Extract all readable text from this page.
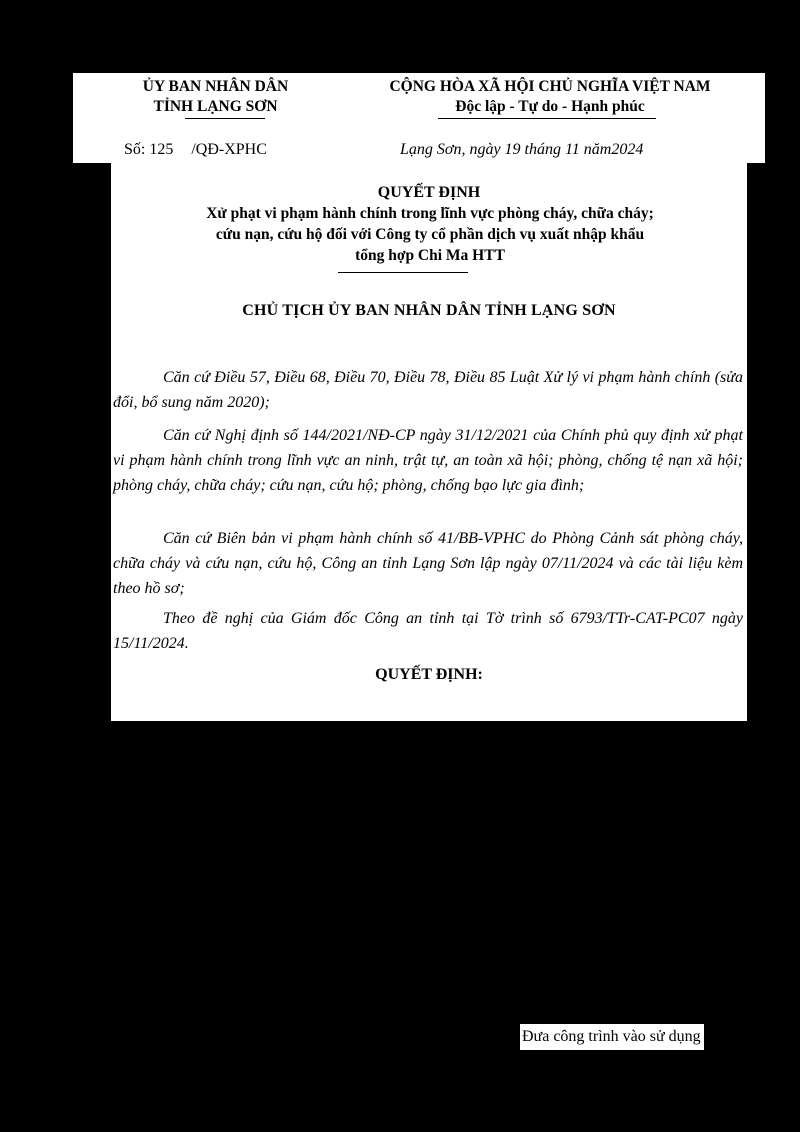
ỦY BAN NHÂN DÂN
TỈNH LẠNG SƠN
CỘNG HÒA XÃ HỘI CHỦ NGHĨA VIỆT NAM
Độc lập - Tự do - Hạnh phúc
Số: 125 /QĐ-XPHC	Lạng Sơn, ngày 19 tháng 11 năm2024
QUYẾT ĐỊNH
Xử phạt vi phạm hành chính trong lĩnh vực phòng cháy, chữa cháy;
cứu nạn, cứu hộ đối với Công ty cổ phần dịch vụ xuất nhập khẩu
tổng hợp Chi Ma HTT
CHỦ TỊCH ỦY BAN NHÂN DÂN TỈNH LẠNG SƠN
Căn cứ Điều 57, Điều 68, Điều 70, Điều 78, Điều 85 Luật Xử lý vi phạm hành chính (sửa đổi, bổ sung năm 2020);
Căn cứ Nghị định số 144/2021/NĐ-CP ngày 31/12/2021 của Chính phủ quy định xử phạt vi phạm hành chính trong lĩnh vực an ninh, trật tự, an toàn xã hội; phòng, chống tệ nạn xã hội; phòng cháy, chữa cháy; cứu nạn, cứu hộ; phòng, chống bạo lực gia đình;
Căn cứ Biên bản vi phạm hành chính số 41/BB-VPHC do Phòng Cảnh sát phòng cháy, chữa cháy và cứu nạn, cứu hộ, Công an tỉnh Lạng Sơn lập ngày 07/11/2024 và các tài liệu kèm theo hồ sơ;
Theo đề nghị của Giám đốc Công an tỉnh tại Tờ trình số 6793/TTr-CAT-PC07 ngày 15/11/2024.
QUYẾT ĐỊNH:
Đưa công trình vào sử dụng
